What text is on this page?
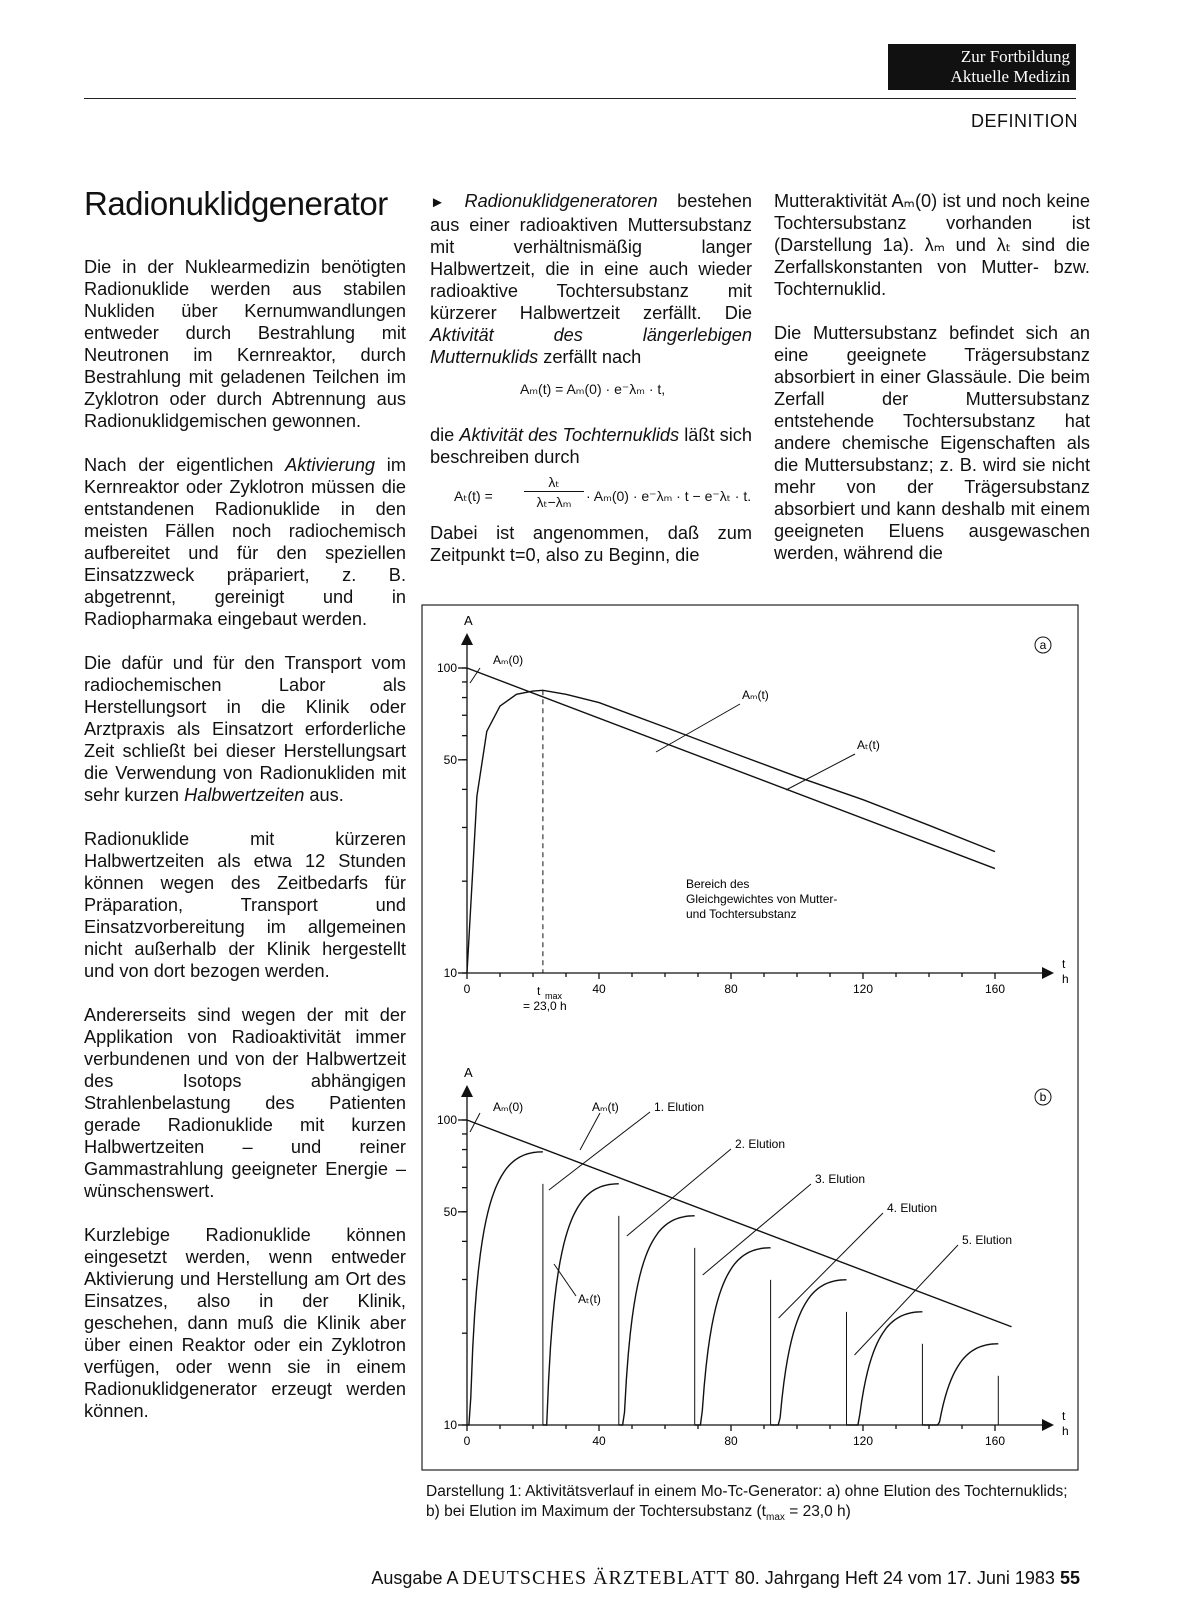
Zur Fortbildung
Aktuelle Medizin
DEFINITION
Radionuklidgenerator

Die in der Nuklearmedizin benötigten Radionuklide werden aus stabilen Nukliden über Kernumwandlungen entweder durch Bestrahlung mit Neutronen im Kernreaktor, durch Bestrahlung mit geladenen Teilchen im Zyklotron oder durch Abtrennung aus Radionuklidgemischen gewonnen.

Nach der eigentlichen Aktivierung im Kernreaktor oder Zyklotron müssen die entstandenen Radionuklide in den meisten Fällen noch radiochemisch aufbereitet und für den speziellen Einsatzzweck präpariert, z. B. abgetrennt, gereinigt und in Radiopharmaka eingebaut werden.

Die dafür und für den Transport vom radiochemischen Labor als Herstellungsort in die Klinik oder Arztpraxis als Einsatzort erforderliche Zeit schließt bei dieser Herstellungsart die Verwendung von Radionukliden mit sehr kurzen Halbwertzeiten aus.

Radionuklide mit kürzeren Halbwertzeiten als etwa 12 Stunden können wegen des Zeitbedarfs für Präparation, Transport und Einsatzvorbereitung im allgemeinen nicht außerhalb der Klinik hergestellt und von dort bezogen werden.

Andererseits sind wegen der mit der Applikation von Radioaktivität immer verbundenen und von der Halbwertzeit des Isotops abhängigen Strahlenbelastung des Patienten gerade Radionuklide mit kurzen Halbwertzeiten – und reiner Gammastrahlung geeigneter Energie – wünschenswert.

Kurzlebige Radionuklide können eingesetzt werden, wenn entweder Aktivierung und Herstellung am Ort des Einsatzes, also in der Klinik, geschehen, dann muß die Klinik aber über einen Reaktor oder ein Zyklotron verfügen, oder wenn sie in einem Radionuklidgenerator erzeugt werden können.

► Radionuklidgeneratoren bestehen aus einer radioaktiven Muttersubstanz mit verhältnismäßig langer Halbwertzeit, die in eine auch wieder radioaktive Tochtersubstanz mit kürzerer Halbwertzeit zerfällt. Die Aktivität des längerlebigen Mutternuklids zerfällt nach
Aₘ(t) = Aₘ(0) · e⁻λₘ · t,
die Aktivität des Tochternuklids läßt sich beschreiben durch
Aₜ(t) =
λₜ
λₜ−λₘ	· Aₘ(0) · e⁻λₘ · t − e⁻λₜ · t.
Dabei ist angenommen, daß zum Zeitpunkt t=0, also zu Beginn, die

Mutteraktivität Aₘ(0) ist und noch keine Tochtersubstanz vorhanden ist (Darstellung 1a). λₘ und λₜ sind die Zerfallskonstanten von Mutter- bzw. Tochternuklid.

Die Muttersubstanz befindet sich an eine geeignete Trägersubstanz absorbiert in einer Glassäule. Die beim Zerfall der Muttersubstanz entstehende Tochtersubstanz hat andere chemische Eigenschaften als die Muttersubstanz; z. B. wird sie nicht mehr von der Trägersubstanz absorbiert und kann deshalb mit einem geeigneten Eluens ausgewaschen werden, während die

A
t
h
10
50
100
0	40	80	120	160
a
Aₘ(0)
Aₘ(t)
Aₜ(t)
Bereich des
Gleichgewichtes von Mutter-
und Tochtersubstanz
t max
= 23,0 h
A
t
h
10
50
100
0	40	80	120	160
b
Aₘ(0)	Aₘ(t)
Aₜ(t)
1. Elution
2. Elution
3. Elution
4. Elution
5. Elution
Darstellung 1: Aktivitätsverlauf in einem Mo-Tc-Generator: a) ohne Elution des Tochternuklids; b) bei Elution im Maximum der Tochtersubstanz ($t_{max} = 23,0$ h)
Ausgabe A DEUTSCHES ÄRZTEBLATT 80. Jahrgang Heft 24 vom 17. Juni 1983 55
